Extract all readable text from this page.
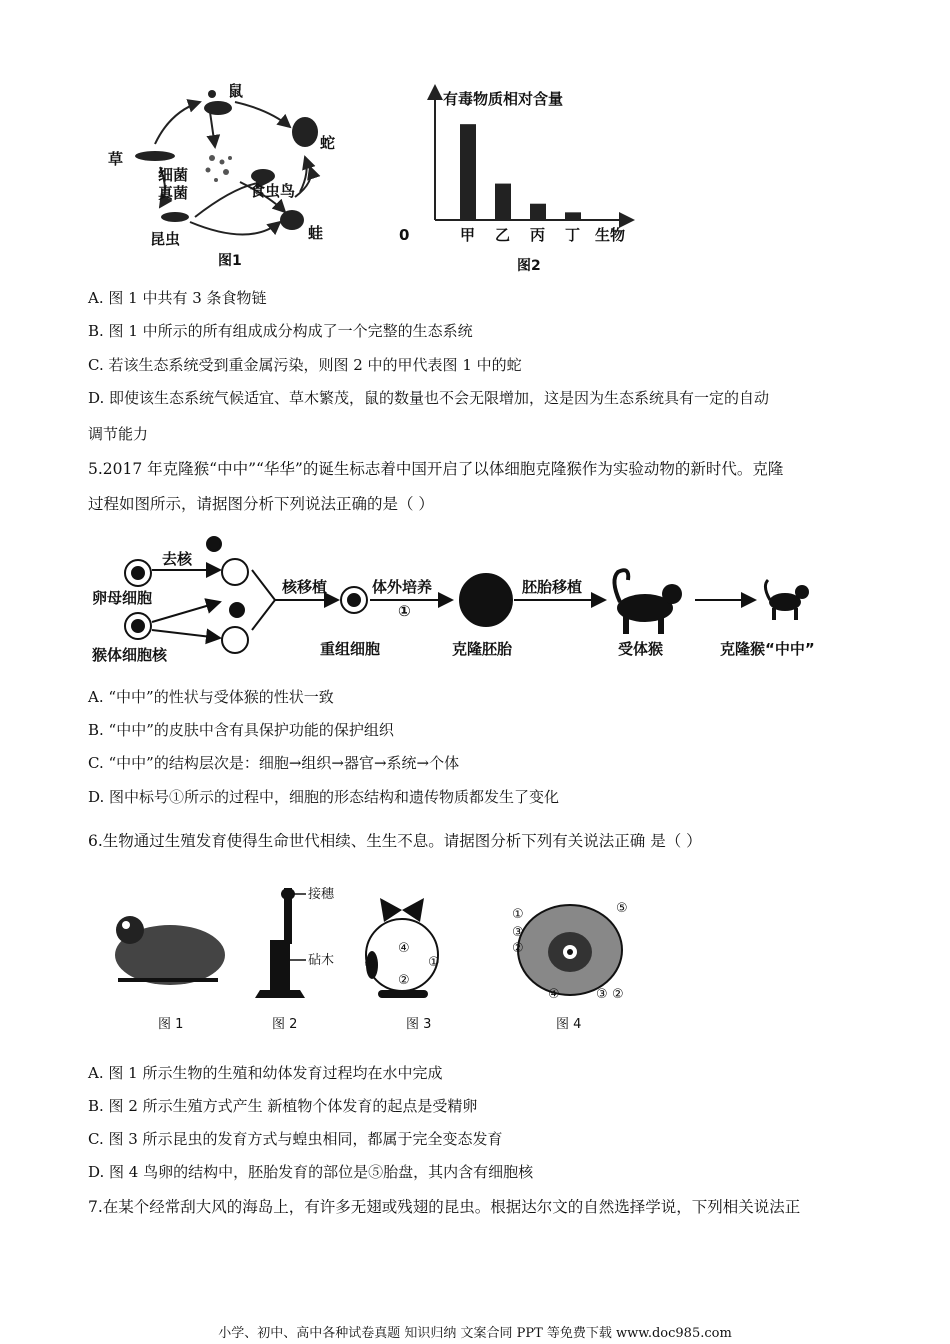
鼠
蛇
草
细菌
真菌	食虫鸟
昆虫	蛙
图1
有毒物质相对含量
0	甲 乙 丙 丁 生物
图2
A. 图 1 中共有 3 条食物链
B. 图 1 中所示的所有组成成分构成了一个完整的生态系统
C. 若该生态系统受到重金属污染，则图 2 中的甲代表图 1 中的蛇
D. 即使该生态系统气候适宜、草木繁茂，鼠的数量也不会无限增加，这是因为生态系统具有一定的自动
调节能力
5.2017 年克隆猴“中中”“华华”的诞生标志着中国开启了以体细胞克隆猴作为实验动物的新时代。克隆
过程如图所示，请据图分析下列说法正确的是（ ）
去核
卵母细胞
猴体细胞核
核移植	体外培养
①
胚胎移植
重组细胞	克隆胚胎	受体猴	克隆猴“中中”
A. “中中”的性状与受体猴的性状一致
B. “中中”的皮肤中含有具保护功能的保护组织
C. “中中”的结构层次是：细胞→组织→器官→系统→个体
D. 图中标号①所示的过程中，细胞的形态结构和遗传物质都发生了变化
6.生物通过生殖发育使得生命世代相续、生生不息。请据图分析下列有关说法正确 是（ ）
④
③	①
②
①
③
②
⑤
④	③ ②
接穗
砧木
图 1	图 2	图 3	图 4
A. 图 1 所示生物的生殖和幼体发育过程均在水中完成
B. 图 2 所示生殖方式产生 新植物个体发育的起点是受精卵
C. 图 3 所示昆虫的发育方式与蝗虫相同，都属于完全变态发育
D. 图 4 鸟卵的结构中，胚胎发育的部位是⑤胎盘，其内含有细胞核
7.在某个经常刮大风的海岛上，有许多无翅或残翅的昆虫。根据达尔文的自然选择学说，下列相关说法正
小学、初中、高中各种试卷真题 知识归纳 文案合同 PPT 等免费下载 www.doc985.com
